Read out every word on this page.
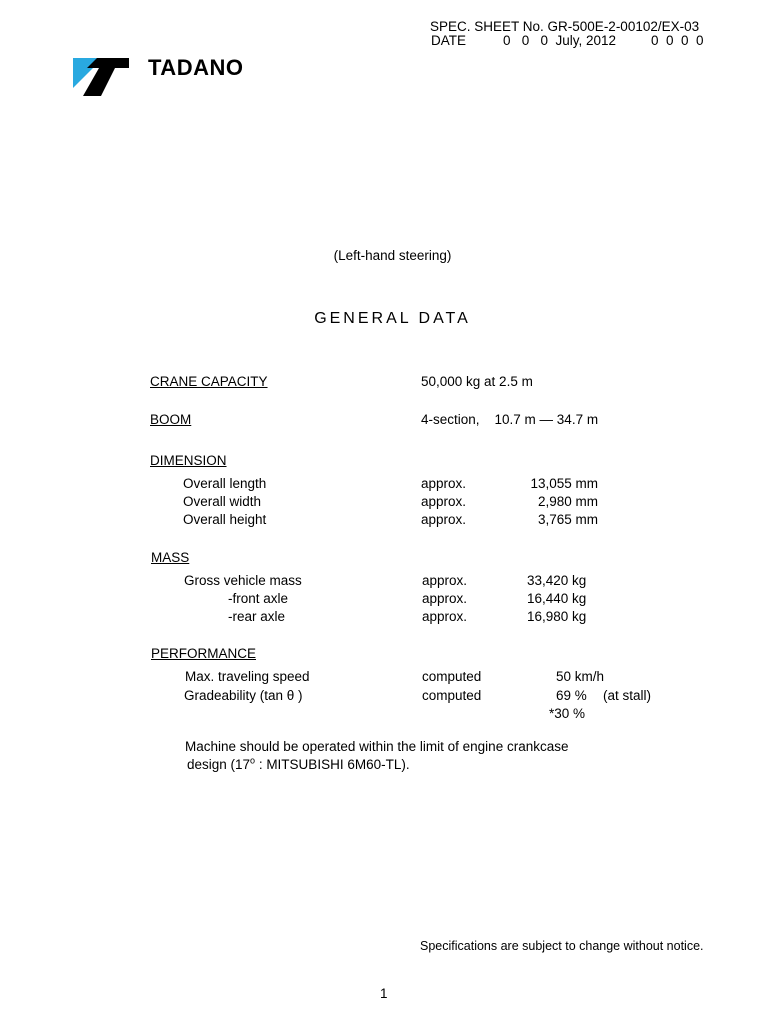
SPEC. SHEET No. GR-500E-2-00102/EX-03
DATE	0   0   0  July, 2012	0  0  0  0
TADANO
(Left-hand steering)
GENERAL DATA
CRANE CAPACITY	50,000 kg at 2.5 m
BOOM	4-section,    10.7 m — 34.7 m
DIMENSION
Overall length	approx.	13,055 mm
Overall width	approx.	2,980 mm
Overall height	approx.	3,765 mm
MASS
Gross vehicle mass	approx.	33,420 kg
-front axle	approx.	16,440 kg
-rear axle	approx.	16,980 kg
PERFORMANCE
Max. traveling speed	computed	50 km/h
Gradeability (tan θ )	computed	69 % (at stall)
*30 %
Machine should be operated within the limit of engine crankcase
design (17$^o$ : MITSUBISHI 6M60-TL).
Specifications are subject to change without notice.
1
